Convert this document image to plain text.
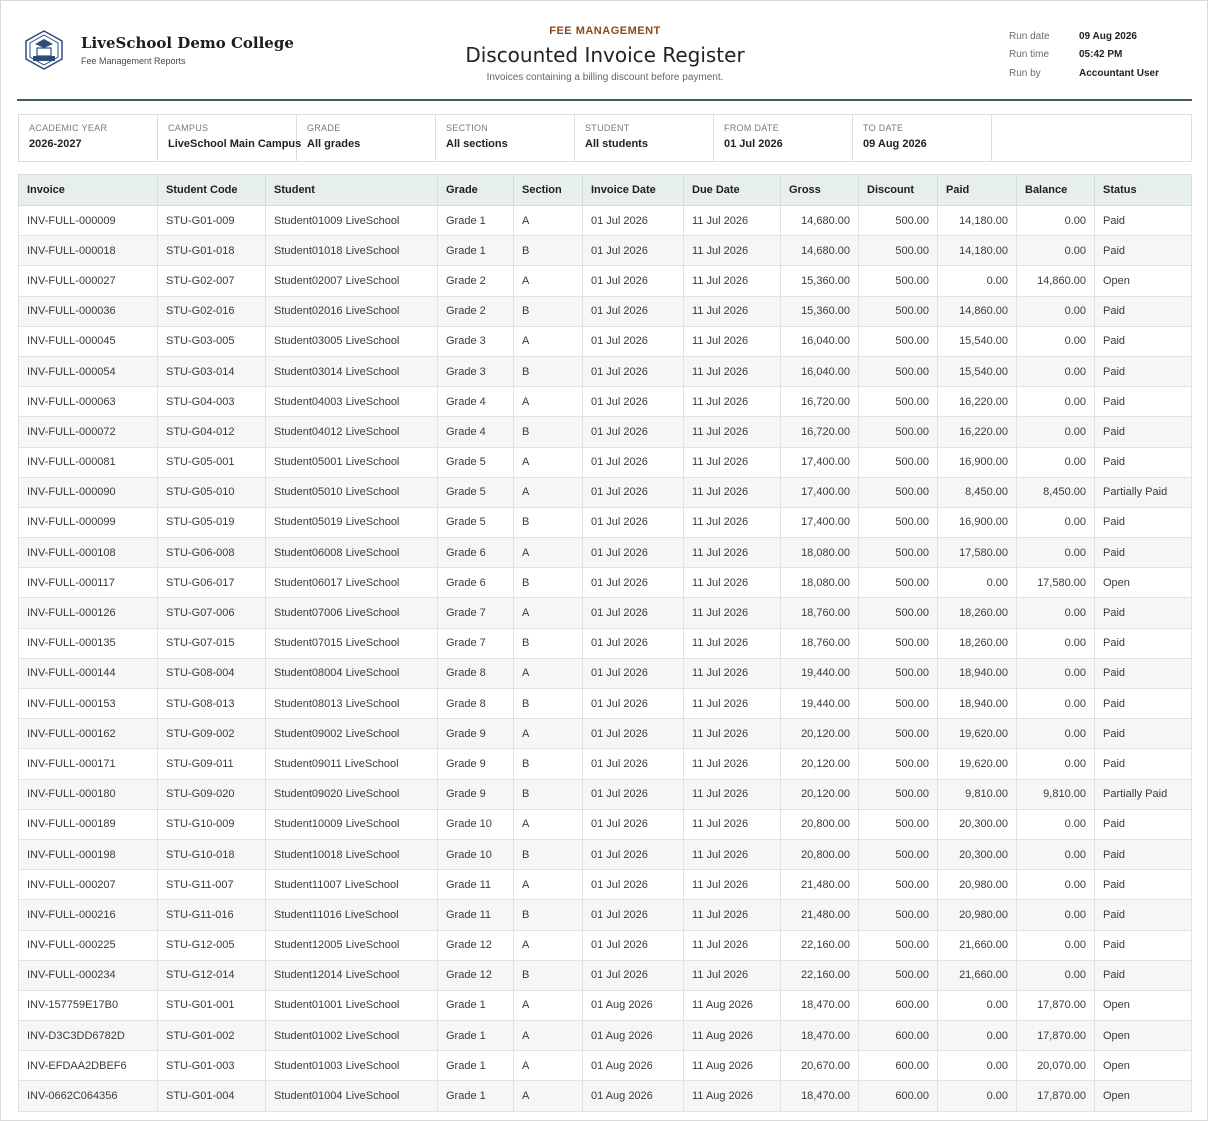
LiveSchool Demo College
Fee Management Reports
FEE MANAGEMENT
Discounted Invoice Register
Invoices containing a billing discount before payment.
Run date	09 Aug 2026
Run time	05:42 PM
Run by	Accountant User
ACADEMIC YEAR
2026-2027
CAMPUS
LiveSchool Main Campus
GRADE
All grades
SECTION
All sections
STUDENT
All students
FROM DATE
01 Jul 2026
TO DATE
09 Aug 2026
Invoice	Student Code	Student	Grade	Section	Invoice Date	Due Date	Gross	Discount	Paid	Balance	Status
INV-FULL-000009	STU-G01-009	Student01009 LiveSchool	Grade 1	A	01 Jul 2026	11 Jul 2026	14,680.00	500.00	14,180.00	0.00	Paid
INV-FULL-000018	STU-G01-018	Student01018 LiveSchool	Grade 1	B	01 Jul 2026	11 Jul 2026	14,680.00	500.00	14,180.00	0.00	Paid
INV-FULL-000027	STU-G02-007	Student02007 LiveSchool	Grade 2	A	01 Jul 2026	11 Jul 2026	15,360.00	500.00	0.00	14,860.00	Open
INV-FULL-000036	STU-G02-016	Student02016 LiveSchool	Grade 2	B	01 Jul 2026	11 Jul 2026	15,360.00	500.00	14,860.00	0.00	Paid
INV-FULL-000045	STU-G03-005	Student03005 LiveSchool	Grade 3	A	01 Jul 2026	11 Jul 2026	16,040.00	500.00	15,540.00	0.00	Paid
INV-FULL-000054	STU-G03-014	Student03014 LiveSchool	Grade 3	B	01 Jul 2026	11 Jul 2026	16,040.00	500.00	15,540.00	0.00	Paid
INV-FULL-000063	STU-G04-003	Student04003 LiveSchool	Grade 4	A	01 Jul 2026	11 Jul 2026	16,720.00	500.00	16,220.00	0.00	Paid
INV-FULL-000072	STU-G04-012	Student04012 LiveSchool	Grade 4	B	01 Jul 2026	11 Jul 2026	16,720.00	500.00	16,220.00	0.00	Paid
INV-FULL-000081	STU-G05-001	Student05001 LiveSchool	Grade 5	A	01 Jul 2026	11 Jul 2026	17,400.00	500.00	16,900.00	0.00	Paid
INV-FULL-000090	STU-G05-010	Student05010 LiveSchool	Grade 5	A	01 Jul 2026	11 Jul 2026	17,400.00	500.00	8,450.00	8,450.00	Partially Paid
INV-FULL-000099	STU-G05-019	Student05019 LiveSchool	Grade 5	B	01 Jul 2026	11 Jul 2026	17,400.00	500.00	16,900.00	0.00	Paid
INV-FULL-000108	STU-G06-008	Student06008 LiveSchool	Grade 6	A	01 Jul 2026	11 Jul 2026	18,080.00	500.00	17,580.00	0.00	Paid
INV-FULL-000117	STU-G06-017	Student06017 LiveSchool	Grade 6	B	01 Jul 2026	11 Jul 2026	18,080.00	500.00	0.00	17,580.00	Open
INV-FULL-000126	STU-G07-006	Student07006 LiveSchool	Grade 7	A	01 Jul 2026	11 Jul 2026	18,760.00	500.00	18,260.00	0.00	Paid
INV-FULL-000135	STU-G07-015	Student07015 LiveSchool	Grade 7	B	01 Jul 2026	11 Jul 2026	18,760.00	500.00	18,260.00	0.00	Paid
INV-FULL-000144	STU-G08-004	Student08004 LiveSchool	Grade 8	A	01 Jul 2026	11 Jul 2026	19,440.00	500.00	18,940.00	0.00	Paid
INV-FULL-000153	STU-G08-013	Student08013 LiveSchool	Grade 8	B	01 Jul 2026	11 Jul 2026	19,440.00	500.00	18,940.00	0.00	Paid
INV-FULL-000162	STU-G09-002	Student09002 LiveSchool	Grade 9	A	01 Jul 2026	11 Jul 2026	20,120.00	500.00	19,620.00	0.00	Paid
INV-FULL-000171	STU-G09-011	Student09011 LiveSchool	Grade 9	B	01 Jul 2026	11 Jul 2026	20,120.00	500.00	19,620.00	0.00	Paid
INV-FULL-000180	STU-G09-020	Student09020 LiveSchool	Grade 9	B	01 Jul 2026	11 Jul 2026	20,120.00	500.00	9,810.00	9,810.00	Partially Paid
INV-FULL-000189	STU-G10-009	Student10009 LiveSchool	Grade 10	A	01 Jul 2026	11 Jul 2026	20,800.00	500.00	20,300.00	0.00	Paid
INV-FULL-000198	STU-G10-018	Student10018 LiveSchool	Grade 10	B	01 Jul 2026	11 Jul 2026	20,800.00	500.00	20,300.00	0.00	Paid
INV-FULL-000207	STU-G11-007	Student11007 LiveSchool	Grade 11	A	01 Jul 2026	11 Jul 2026	21,480.00	500.00	20,980.00	0.00	Paid
INV-FULL-000216	STU-G11-016	Student11016 LiveSchool	Grade 11	B	01 Jul 2026	11 Jul 2026	21,480.00	500.00	20,980.00	0.00	Paid
INV-FULL-000225	STU-G12-005	Student12005 LiveSchool	Grade 12	A	01 Jul 2026	11 Jul 2026	22,160.00	500.00	21,660.00	0.00	Paid
INV-FULL-000234	STU-G12-014	Student12014 LiveSchool	Grade 12	B	01 Jul 2026	11 Jul 2026	22,160.00	500.00	21,660.00	0.00	Paid
INV-157759E17B0	STU-G01-001	Student01001 LiveSchool	Grade 1	A	01 Aug 2026	11 Aug 2026	18,470.00	600.00	0.00	17,870.00	Open
INV-D3C3DD6782D	STU-G01-002	Student01002 LiveSchool	Grade 1	A	01 Aug 2026	11 Aug 2026	18,470.00	600.00	0.00	17,870.00	Open
INV-EFDAA2DBEF6	STU-G01-003	Student01003 LiveSchool	Grade 1	A	01 Aug 2026	11 Aug 2026	20,670.00	600.00	0.00	20,070.00	Open
INV-0662C064356	STU-G01-004	Student01004 LiveSchool	Grade 1	A	01 Aug 2026	11 Aug 2026	18,470.00	600.00	0.00	17,870.00	Open
